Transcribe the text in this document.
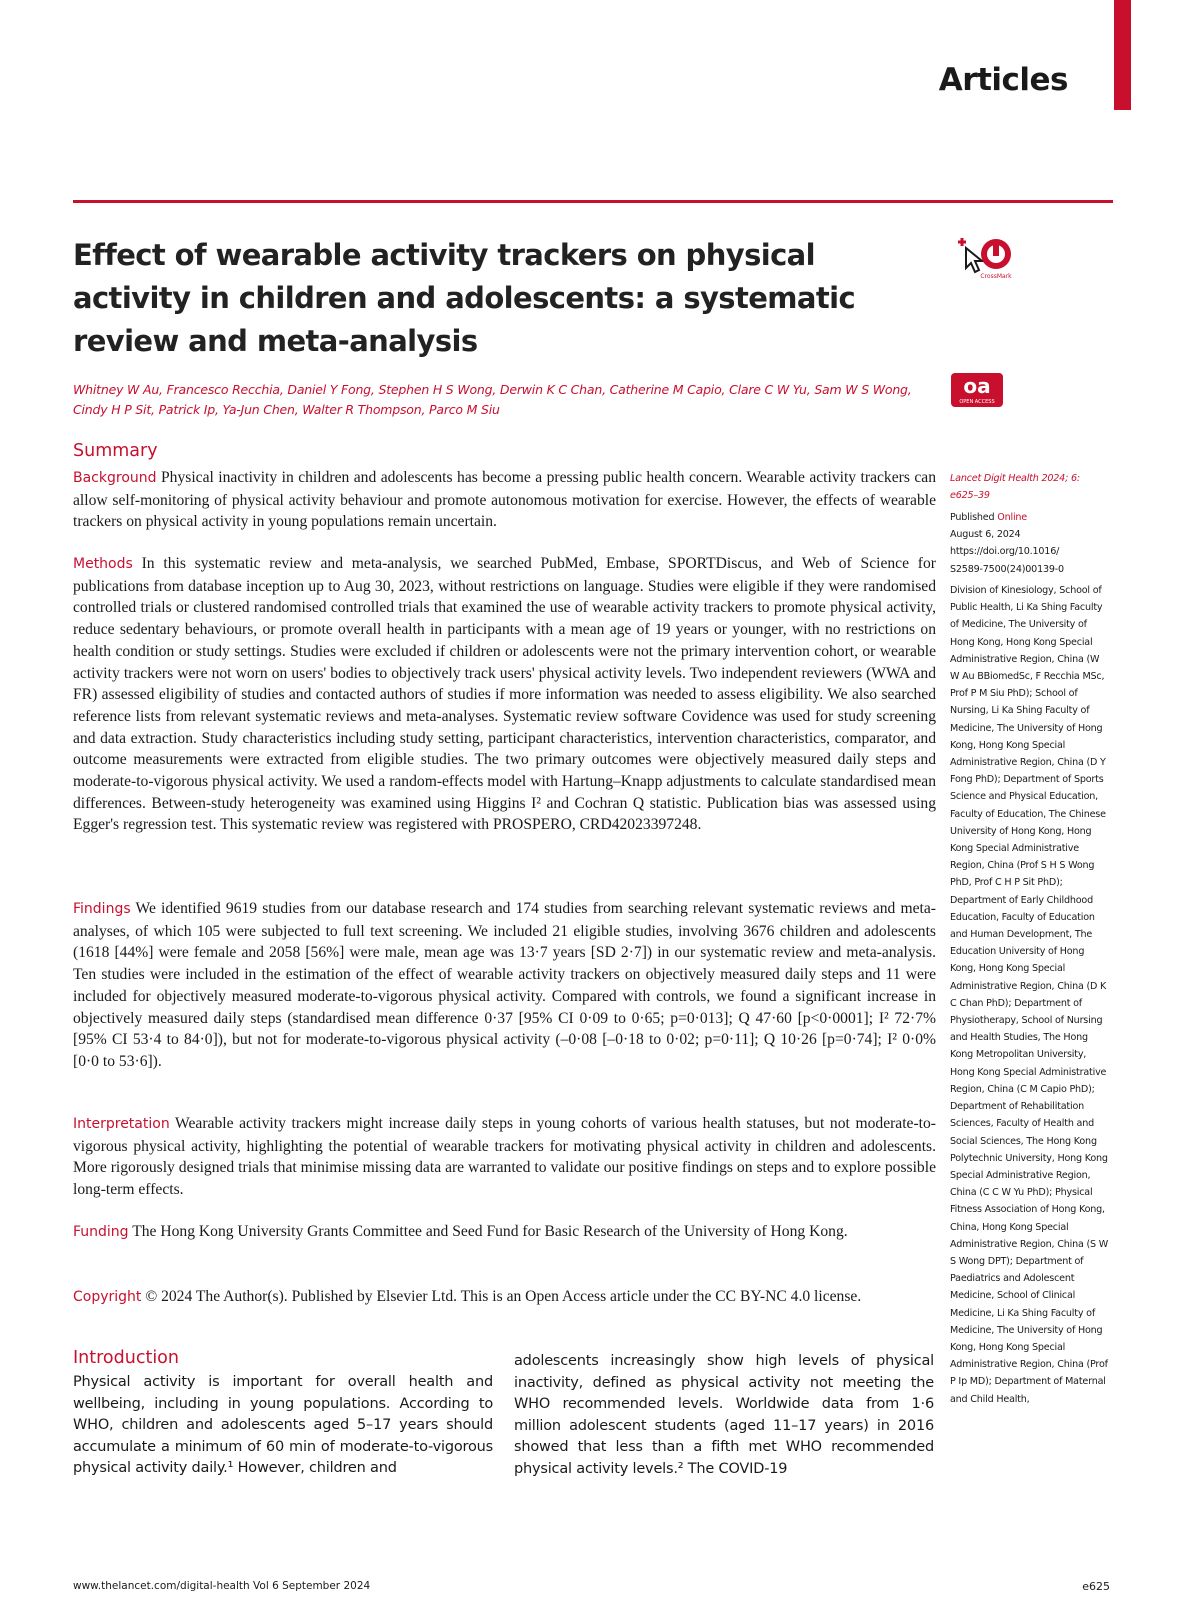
Articles
Effect of wearable activity trackers on physical activity in children and adolescents: a systematic review and meta-analysis
CrossMark
oa
OPEN ACCESS
Whitney W Au, Francesco Recchia, Daniel Y Fong, Stephen H S Wong, Derwin K C Chan, Catherine M Capio, Clare C W Yu, Sam W S Wong, Cindy H P Sit, Patrick Ip, Ya-Jun Chen, Walter R Thompson, Parco M Siu
Summary

Background Physical inactivity in children and adolescents has become a pressing public health concern. Wearable activity trackers can allow self-monitoring of physical activity behaviour and promote autonomous motivation for exercise. However, the effects of wearable trackers on physical activity in young populations remain uncertain.

Methods In this systematic review and meta-analysis, we searched PubMed, Embase, SPORTDiscus, and Web of Science for publications from database inception up to Aug 30, 2023, without restrictions on language. Studies were eligible if they were randomised controlled trials or clustered randomised controlled trials that examined the use of wearable activity trackers to promote physical activity, reduce sedentary behaviours, or promote overall health in participants with a mean age of 19 years or younger, with no restrictions on health condition or study settings. Studies were excluded if children or adolescents were not the primary intervention cohort, or wearable activity trackers were not worn on users' bodies to objectively track users' physical activity levels. Two independent reviewers (WWA and FR) assessed eligibility of studies and contacted authors of studies if more information was needed to assess eligibility. We also searched reference lists from relevant systematic reviews and meta-analyses. Systematic review software Covidence was used for study screening and data extraction. Study characteristics including study setting, participant characteristics, intervention characteristics, comparator, and outcome measurements were extracted from eligible studies. The two primary outcomes were objectively measured daily steps and moderate-to-vigorous physical activity. We used a random-effects model with Hartung–Knapp adjustments to calculate standardised mean differences. Between-study heterogeneity was examined using Higgins I² and Cochran Q statistic. Publication bias was assessed using Egger's regression test. This systematic review was registered with PROSPERO, CRD42023397248.

Findings We identified 9619 studies from our database research and 174 studies from searching relevant systematic reviews and meta-analyses, of which 105 were subjected to full text screening. We included 21 eligible studies, involving 3676 children and adolescents (1618 [44%] were female and 2058 [56%] were male, mean age was 13·7 years [SD 2·7]) in our systematic review and meta-analysis. Ten studies were included in the estimation of the effect of wearable activity trackers on objectively measured daily steps and 11 were included for objectively measured moderate-to-vigorous physical activity. Compared with controls, we found a significant increase in objectively measured daily steps (standardised mean difference 0·37 [95% CI 0·09 to 0·65; p=0·013]; Q 47·60 [p<0·0001]; I² 72·7% [95% CI 53·4 to 84·0]), but not for moderate-to-vigorous physical activity (–0·08 [–0·18 to 0·02; p=0·11]; Q 10·26 [p=0·74]; I² 0·0% [0·0 to 53·6]).

Interpretation Wearable activity trackers might increase daily steps in young cohorts of various health statuses, but not moderate-to-vigorous physical activity, highlighting the potential of wearable trackers for motivating physical activity in children and adolescents. More rigorously designed trials that minimise missing data are warranted to validate our positive findings on steps and to explore possible long-term effects.

Funding The Hong Kong University Grants Committee and Seed Fund for Basic Research of the University of Hong Kong.

Copyright © 2024 The Author(s). Published by Elsevier Ltd. This is an Open Access article under the CC BY-NC 4.0 license.

Introduction

Physical activity is important for overall health and wellbeing, including in young populations. According to WHO, children and adolescents aged 5–17 years should accumulate a minimum of 60 min of moderate-to-vigorous physical activity daily.¹ However, children and

adolescents increasingly show high levels of physical inactivity, defined as physical activity not meeting the WHO recommended levels. Worldwide data from 1·6 million adolescent students (aged 11–17 years) in 2016 showed that less than a fifth met WHO recommended physical activity levels.² The COVID-19

Lancet Digit Health 2024; 6: e625–39
Published Online
August 6, 2024
https://doi.org/10.1016/
S2589-7500(24)00139-0
Division of Kinesiology, School of Public Health, Li Ka Shing Faculty of Medicine, The University of Hong Kong, Hong Kong Special Administrative Region, China (W W Au BBiomedSc, F Recchia MSc, Prof P M Siu PhD); School of Nursing, Li Ka Shing Faculty of Medicine, The University of Hong Kong, Hong Kong Special Administrative Region, China (D Y Fong PhD); Department of Sports Science and Physical Education, Faculty of Education, The Chinese University of Hong Kong, Hong Kong Special Administrative Region, China (Prof S H S Wong PhD, Prof C H P Sit PhD); Department of Early Childhood Education, Faculty of Education and Human Development, The Education University of Hong Kong, Hong Kong Special Administrative Region, China (D K C Chan PhD); Department of Physiotherapy, School of Nursing and Health Studies, The Hong Kong Metropolitan University, Hong Kong Special Administrative Region, China (C M Capio PhD); Department of Rehabilitation Sciences, Faculty of Health and Social Sciences, The Hong Kong Polytechnic University, Hong Kong Special Administrative Region, China (C C W Yu PhD); Physical Fitness Association of Hong Kong, China, Hong Kong Special Administrative Region, China (S W S Wong DPT); Department of Paediatrics and Adolescent Medicine, School of Clinical Medicine, Li Ka Shing Faculty of Medicine, The University of Hong Kong, Hong Kong Special Administrative Region, China (Prof P Ip MD); Department of Maternal and Child Health,
www.thelancet.com/digital-health Vol 6 September 2024	e625
